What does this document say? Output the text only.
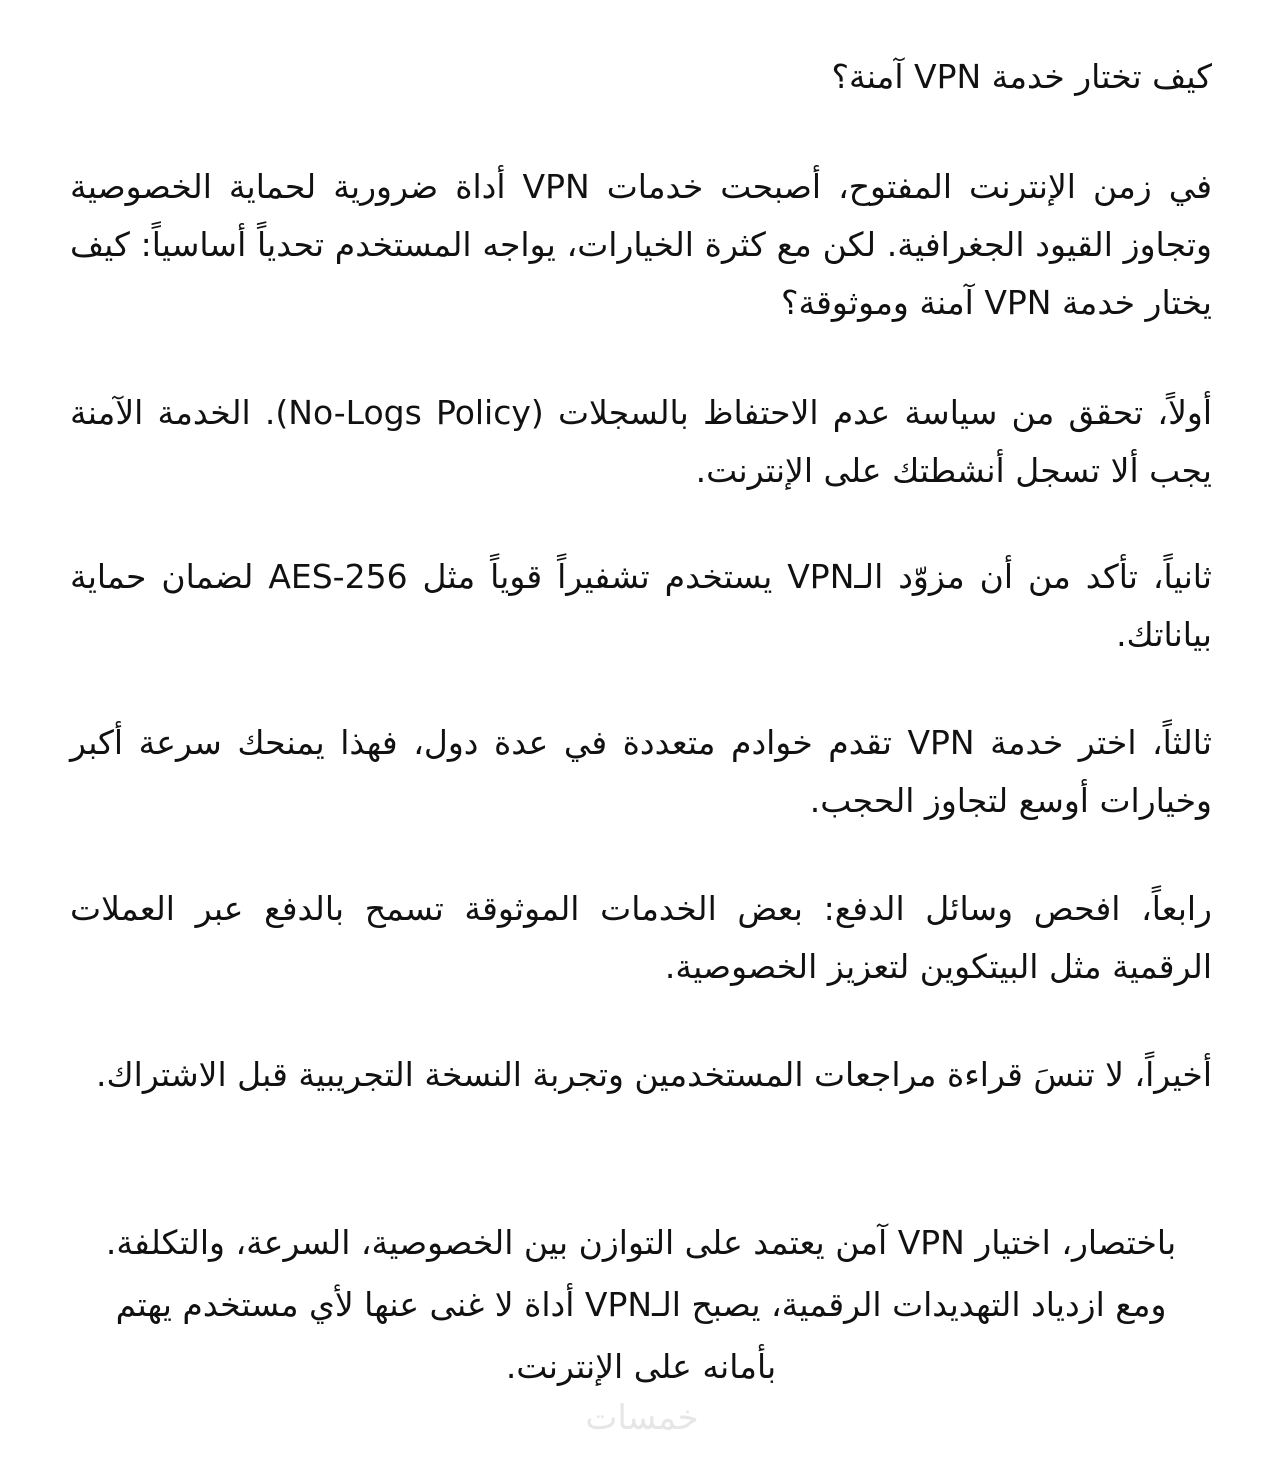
كيف تختار خدمة VPN آمنة؟

في زمن الإنترنت المفتوح، أصبحت خدمات VPN أداة ضرورية لحماية الخصوصية وتجاوز القيود الجغرافية. لكن مع كثرة الخيارات، يواجه المستخدم تحدياً أساسياً: كيف يختار خدمة VPN آمنة وموثوقة؟

أولاً، تحقق من سياسة عدم الاحتفاظ بالسجلات (No-Logs Policy). الخدمة الآمنة يجب ألا تسجل أنشطتك على الإنترنت.

ثانياً، تأكد من أن مزوّد الـVPN يستخدم تشفيراً قوياً مثل AES-256 لضمان حماية بياناتك.

ثالثاً، اختر خدمة VPN تقدم خوادم متعددة في عدة دول، فهذا يمنحك سرعة أكبر وخيارات أوسع لتجاوز الحجب.

رابعاً، افحص وسائل الدفع: بعض الخدمات الموثوقة تسمح بالدفع عبر العملات الرقمية مثل البيتكوين لتعزيز الخصوصية.

أخيراً، لا تنسَ قراءة مراجعات المستخدمين وتجربة النسخة التجريبية قبل الاشتراك.

باختصار، اختيار VPN آمن يعتمد على التوازن بين الخصوصية، السرعة، والتكلفة. ومع ازدياد التهديدات الرقمية، يصبح الـVPN أداة لا غنى عنها لأي مستخدم يهتم بأمانه على الإنترنت.

خمسات
